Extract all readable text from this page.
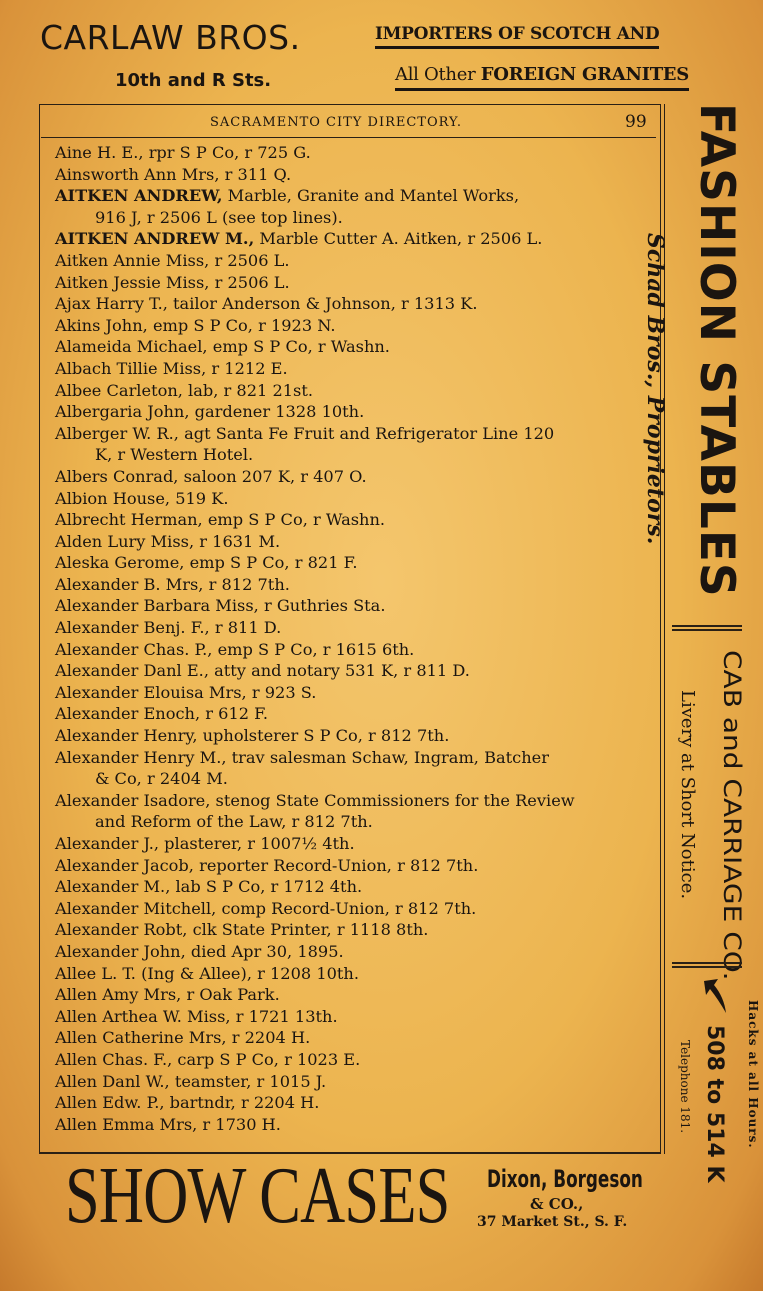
CARLAW BROS.
10th and R Sts.
IMPORTERS OF SCOTCH AND
All Other FOREIGN GRANITES
SACRAMENTO CITY DIRECTORY.	99
Aine H. E., rpr S P Co, r 725 G.
Ainsworth Ann Mrs, r 311 Q.
AITKEN ANDREW, Marble, Granite and Mantel Works,
916 J, r 2506 L (see top lines).
AITKEN ANDREW M., Marble Cutter A. Aitken, r 2506 L.
Aitken Annie Miss, r 2506 L.
Aitken Jessie Miss, r 2506 L.
Ajax Harry T., tailor Anderson & Johnson, r 1313 K.
Akins John, emp S P Co, r 1923 N.
Alameida Michael, emp S P Co, r Washn.
Albach Tillie Miss, r 1212 E.
Albee Carleton, lab, r 821 21st.
Albergaria John, gardener 1328 10th.
Alberger W. R., agt Santa Fe Fruit and Refrigerator Line 120
K, r Western Hotel.
Albers Conrad, saloon 207 K, r 407 O.
Albion House, 519 K.
Albrecht Herman, emp S P Co, r Washn.
Alden Lury Miss, r 1631 M.
Aleska Gerome, emp S P Co, r 821 F.
Alexander B. Mrs, r 812 7th.
Alexander Barbara Miss, r Guthries Sta.
Alexander Benj. F., r 811 D.
Alexander Chas. P., emp S P Co, r 1615 6th.
Alexander Danl E., atty and notary 531 K, r 811 D.
Alexander Elouisa Mrs, r 923 S.
Alexander Enoch, r 612 F.
Alexander Henry, upholsterer S P Co, r 812 7th.
Alexander Henry M., trav salesman Schaw, Ingram, Batcher
& Co, r 2404 M.
Alexander Isadore, stenog State Commissioners for the Review
and Reform of the Law, r 812 7th.
Alexander J., plasterer, r 1007½ 4th.
Alexander Jacob, reporter Record-Union, r 812 7th.
Alexander M., lab S P Co, r 1712 4th.
Alexander Mitchell, comp Record-Union, r 812 7th.
Alexander Robt, clk State Printer, r 1118 8th.
Alexander John, died Apr 30, 1895.
Allee L. T. (Ing & Allee), r 1208 10th.
Allen Amy Mrs, r Oak Park.
Allen Arthea W. Miss, r 1721 13th.
Allen Catherine Mrs, r 2204 H.
Allen Chas. F., carp S P Co, r 1023 E.
Allen Danl W., teamster, r 1015 J.
Allen Edw. P., bartndr, r 2204 H.
Allen Emma Mrs, r 1730 H.
FASHION STABLES
Schad Bros., Proprietors.
CAB and CARRIAGE CO.
Livery at Short Notice.
508 to 514 K Hacks at all Hours.
Telephone 181.
SHOW CASES Dixon, Borgeson
& CO.,
37 Market St., S. F.
